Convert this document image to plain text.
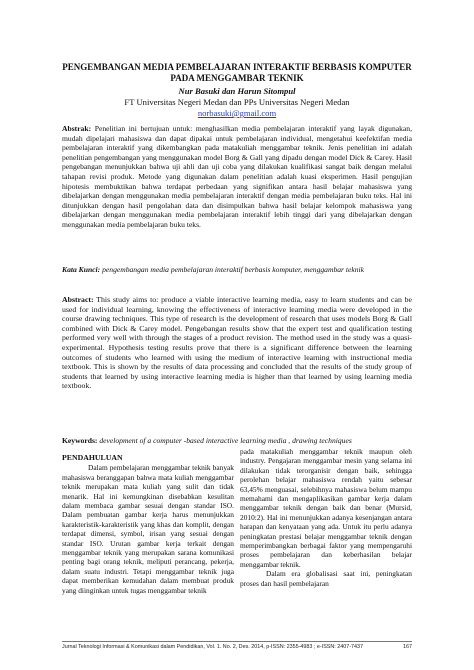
PENGEMBANGAN MEDIA PEMBELAJARAN INTERAKTIF BERBASIS KOMPUTER PADA MENGGAMBAR TEKNIK
Nur Basuki dan Harun Sitompul
FT Universitas Negeri Medan dan PPs Universitas Negeri Medan
norbasuki@gmail.com
Abstrak: Penelitian ini bertujuan untuk: menghasilkan media pembelajaran interaktif yang layak digunakan, mudah dipelajari mahasiswa dan dapat dipakai untuk pembelajaran individual, mengetahui keefektifan media pembelajaran interaktif yang dikembangkan pada matakuliah menggambar teknik. Jenis penelitian ini adalah penelitian pengembangan yang menggunakan model Borg & Gall yang dipadu dengan model Dick & Carey. Hasil pengebangan menunjukkan bahwa uji ahli dan uji coba yang dilakukan kualifikasi sangat baik dengan melalui tahapan revisi produk. Metode yang digunakan dalam penelitian adalah kuasi eksperimen. Hasil pengujian hipotesis membuktikan bahwa terdapat perbedaan yang signifikan antara hasil belajar mahasiswa yang dibelajarkan dengan menggunakan media pembelajaran interaktif dengan media pembelajaran buku teks. Hal ini ditunjukkan dengan hasil pengolahan data dan disimpulkan bahwa hasil belajar kelompok mahasiswa yang dibelajarkan dengan menggunakan media pembelajaran interaktif lebih tinggi dari yang dibelajarkan dengan menggunakan media pembelajaran buku teks.
Kata Kunci: pengembangan media pembelajaran interaktif berbasis komputer, menggambar teknik
Abstract: This study aims to: produce a viable interactive learning media, easy to learn students and can be used for individual learning, knowing the effectiveness of interactive learning media were developed in the course drawing techniques. This type of research is the development of research that uses models Borg & Gall combined with Dick & Carey model. Pengebangan results show that the expert test and qualification testing performed very well with through the stages of a product revision. The method used in the study was a quasi-experimental. Hypothesis testing results prove that there is a significant difference between the learning outcomes of students who learned with using the medium of interactive learning with instructional media textbook. This is shown by the results of data processing and concluded that the results of the study group of students that learned by using interactive learning media is higher than that learned by using learning media textbook.
Keywords: development of a computer -based interactive learning media , drawing techniques
PENDAHULUAN

Dalam pembelajaran menggambar teknik banyak mahasiswa beranggapan bahwa mata kuliah menggambar teknik merupakan mata kuliah yang sulit dan tidak menarik. Hal ini kemungkinan disebabkan kesulitan dalam membaca gambar sesuai dengan standar ISO. Dalam pembuatan gambar kerja harus menunjukkan karakteristik-karakteristik yang khas dan komplit, dengan terdapat dimensi, symbol, irisan yang sesuai dengan standar ISO. Urutan gambar kerja terkait dengan menggambar teknik yang merupakan sarana komunikasi penting bagi orang teknik, meliputi perancang, pekerja, dalam suatu industri. Tetapi menggambar teknik juga dapat memberikan kemudahan dalam membuat produk yang diinginkan untuk tugas menggambar teknik

pada matakuliah menggambar teknik maupun oleh industry. Pengajaran menggambar mesin yang selama ini dilakukan tidak terorganisir dengan baik, sehingga perolehan belajar mahasiswa rendah yaitu sebesar 63,45% menguasai, selebihnya mahasiswa belum mampu memahami dan mengaplikasikan gambar kerja dalam menggambar teknik dengan baik dan benar (Mursid, 2010:2). Hal ini menunjukkan adanya kesenjangan antara harapan dan kenyataan yang ada. Untuk itu perlu adanya peningkatan prestasi belajar menggambar teknik dengan memperimbangkan berbagai faktor yang mempengaruhi proses pembelajaran dan keberhasilan belajar menggambar teknik.

Dalam era globalisasi saat ini, peningkatan proses dan hasil pembelajaran

Jurnal Teknologi Informasi & Komunikasi dalam Pendidikan, Vol. 1. No. 2, Des. 2014, p-ISSN: 2355-4983 ; e-ISSN: 2407-7437	167
